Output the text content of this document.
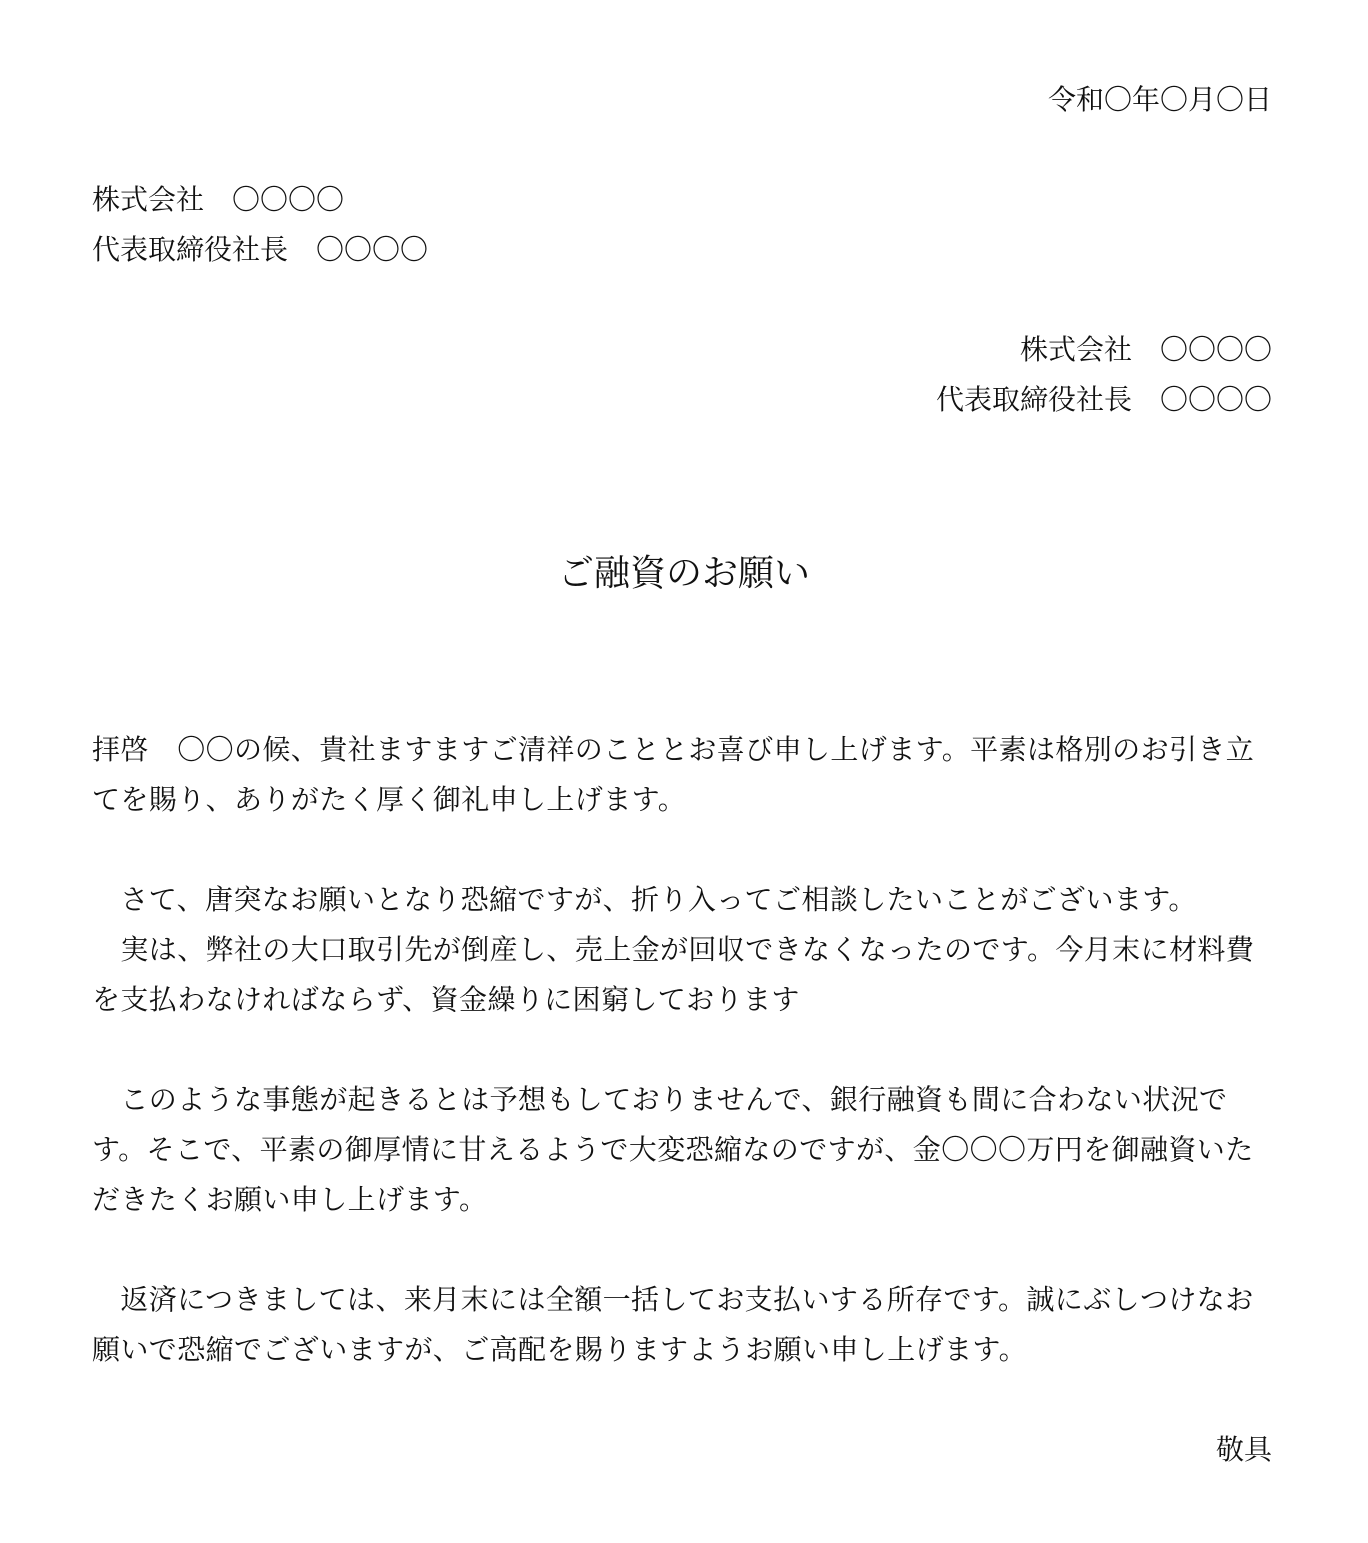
令和〇年〇月〇日
株式会社　〇〇〇〇
代表取締役社長　〇〇〇〇
株式会社　〇〇〇〇
代表取締役社長　〇〇〇〇
ご融資のお願い
拝啓　〇〇の候、貴社ますますご清祥のこととお喜び申し上げます。平素は格別のお引き立
てを賜り、ありがたく厚く御礼申し上げます。
　さて、唐突なお願いとなり恐縮ですが、折り入ってご相談したいことがございます。
　実は、弊社の大口取引先が倒産し、売上金が回収できなくなったのです。今月末に材料費
を支払わなければならず、資金繰りに困窮しております
　このような事態が起きるとは予想もしておりませんで、銀行融資も間に合わない状況で
す。そこで、平素の御厚情に甘えるようで大変恐縮なのですが、金〇〇〇万円を御融資いた
だきたくお願い申し上げます。
　返済につきましては、来月末には全額一括してお支払いする所存です。誠にぶしつけなお
願いで恐縮でございますが、ご高配を賜りますようお願い申し上げます。
敬具
